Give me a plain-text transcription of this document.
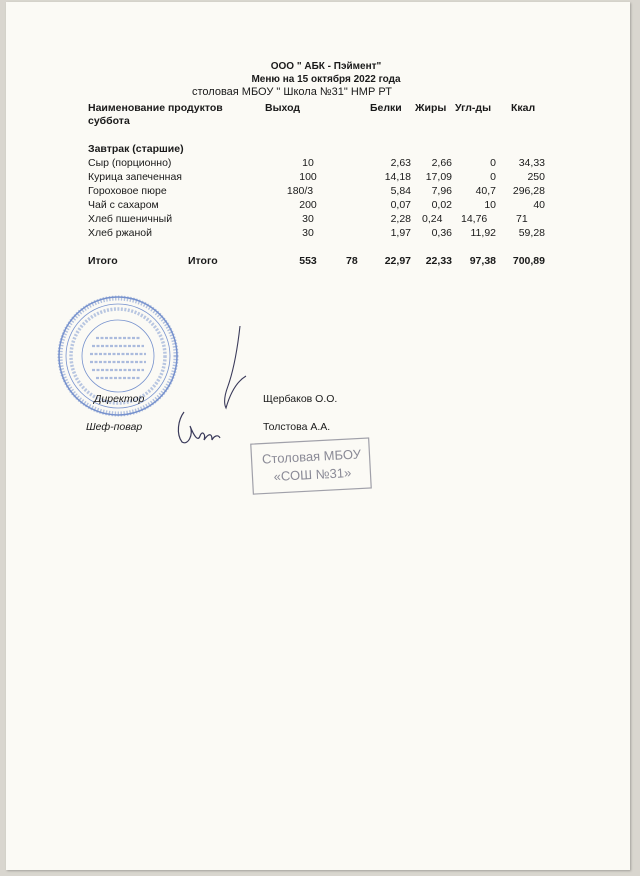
ООО " АБК - Пэймент"
Меню на 15 октября 2022 года
столовая МБОУ " Школа №31" НМР РТ
Наименование продуктов
суббота
Выход	Белки Жиры Угл-ды Ккал
Завтрак (старшие)
Сыр (порционно)	10	2,63	2,66	0	34,33
Курица запеченная	100	14,18	17,09	0	250
Гороховое пюре	180/3	5,84	7,96	40,7	296,28
Чай с сахаром	200	0,07	0,02	10	40
Хлеб пшеничный	30	2,28 0,24 14,76	71
Хлеб ржаной	30	1,97	0,36	11,92	59,28
Итого	Итого	553	78	22,97	22,33	97,38	700,89
Столовая МБОУ
«СОШ №31»
Директор	Щербаков О.О.
Шеф-повар	Толстова А.А.
